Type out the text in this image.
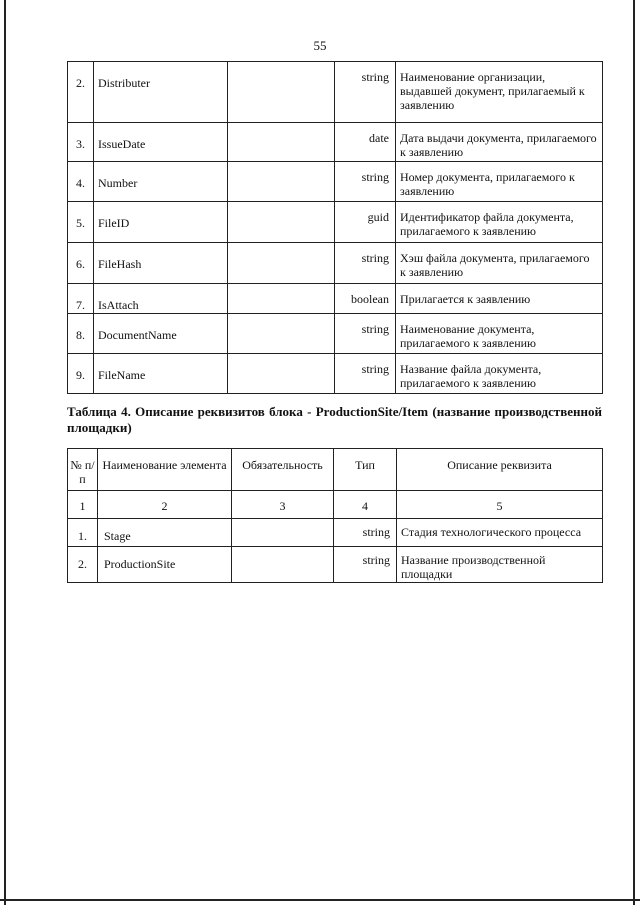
55
2.	Distributer		string	Наименование организации, выдавшей документ, прилагаемый к заявлению
3.	IssueDate		date	Дата выдачи документа, прилагаемого к заявлению
4.	Number		string	Номер документа, прилагаемого к заявлению
5.	FileID		guid	Идентификатор файла документа, прилагаемого к заявлению
6.	FileHash		string	Хэш файла документа, прилагаемого к заявлению
7.	IsAttach		boolean	Прилагается к заявлению
8.	DocumentName		string	Наименование документа, прилагаемого к заявлению
9.	FileName		string	Название файла документа, прилагаемого к заявлению
Таблица 4. Описание реквизитов блока - ProductionSite/Item (название производственной площадки)
№ п/п	Наименование элемента	Обязательность	Тип	Описание реквизита
1	2	3	4	5
1.	Stage		string	Стадия технологического процесса
2.	ProductionSite		string	Название производственной площадки
